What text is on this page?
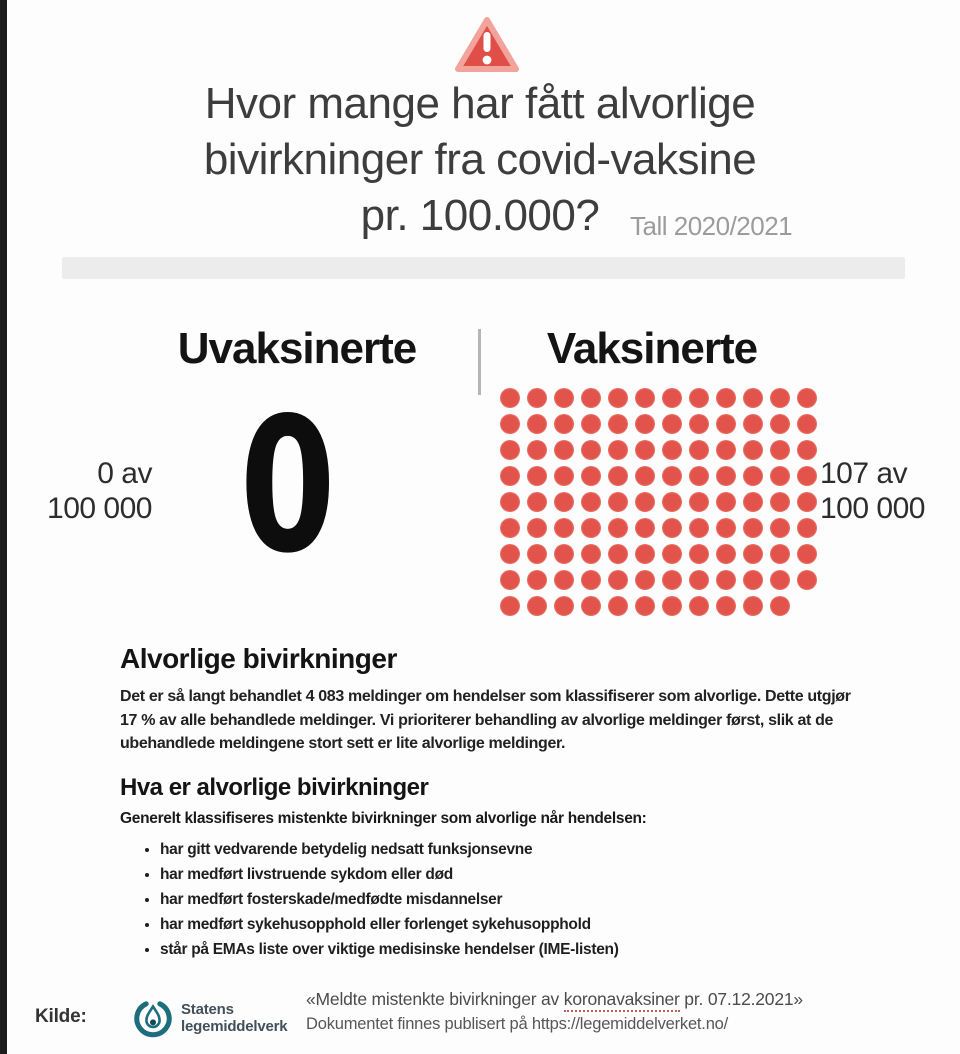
Hvor mange har fått alvorlige
bivirkninger fra covid-vaksine
pr. 100.000?	Tall 2020/2021
Uvaksinerte	Vaksinerte
0 av
100 000 0	107 av
100 000
Alvorlige bivirkninger
Det er så langt behandlet 4 083 meldinger om hendelser som klassifiserer som alvorlige. Dette utgjør
17 % av alle behandlede meldinger. Vi prioriterer behandling av alvorlige meldinger først, slik at de
ubehandlede meldingene stort sett er lite alvorlige meldinger.
Hva er alvorlige bivirkninger

Generelt klassifiseres mistenkte bivirkninger som alvorlige når hendelsen:

• har gitt vedvarende betydelig nedsatt funksjonsevne
• har medført livstruende sykdom eller død
• har medført fosterskade/medfødte misdannelser
• har medført sykehusopphold eller forlenget sykehusopphold
• står på EMAs liste over viktige medisinske hendelser (IME-listen)
Kilde:	Statens
legemiddelverk
«Meldte mistenkte bivirkninger av koronavaksiner pr. 07.12.2021»
Dokumentet finnes publisert på https://legemiddelverket.no/
